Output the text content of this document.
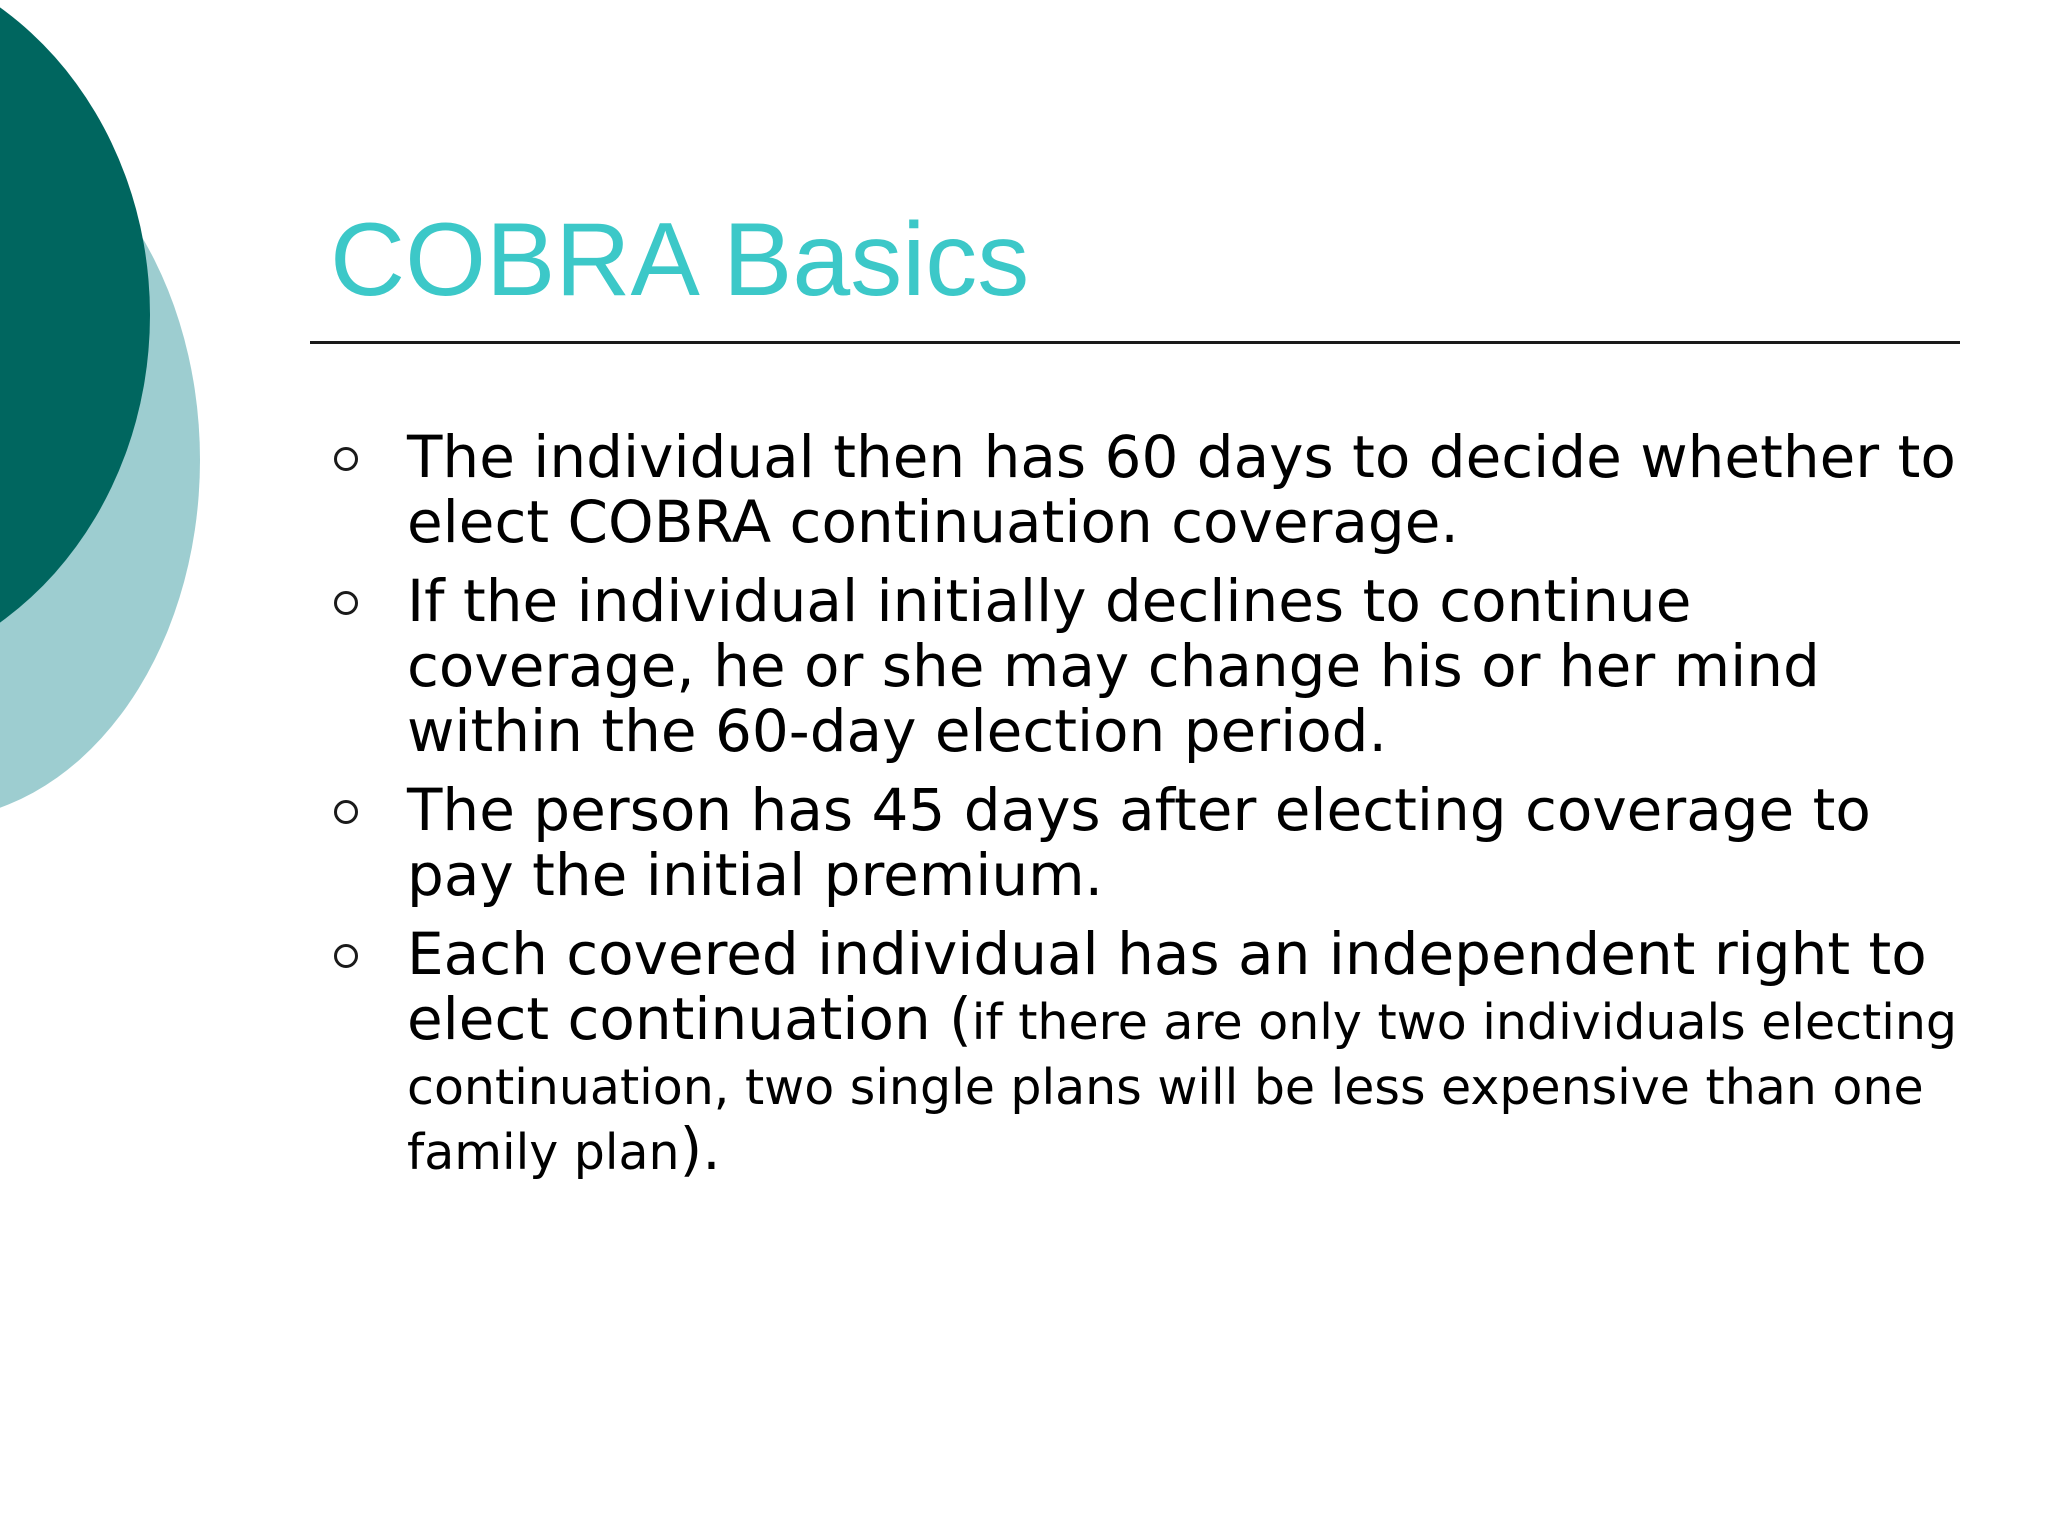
COBRA Basics
The individual then has 60 days to decide whether to elect COBRA continuation coverage.
If the individual initially declines to continue coverage, he or she may change his or her mind within the 60-day election period.
The person has 45 days after electing coverage to pay the initial premium.
Each covered individual has an independent right to elect continuation (if there are only two individuals electing continuation, two single plans will be less expensive than one family plan).
